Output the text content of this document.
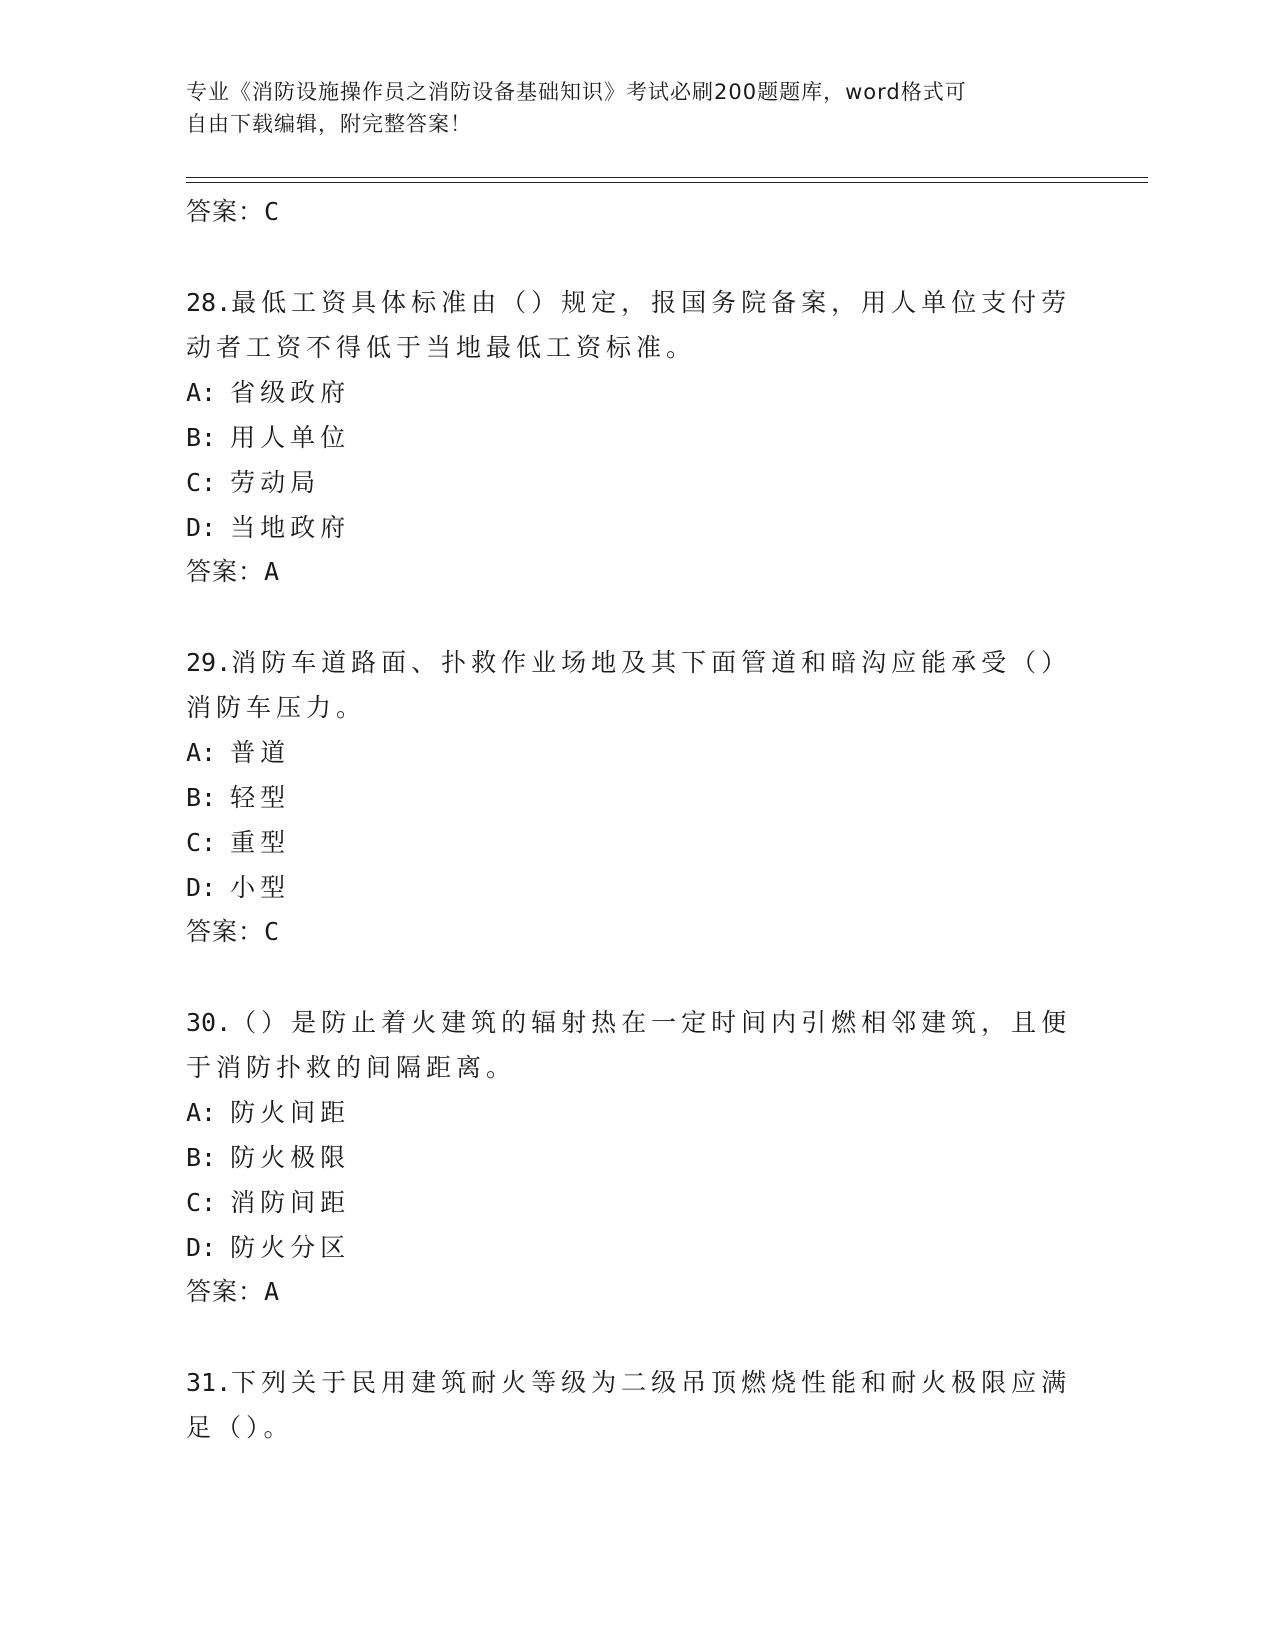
专业《消防设施操作员之消防设备基础知识》考试必刷200题题库，word格式可
自由下载编辑，附完整答案！
答案：C
28.最低工资具体标准由（）规定，报国务院备案，用人单位支付劳动者工资不得低于当地最低工资标准。
A: 省级政府
B: 用人单位
C: 劳动局
D: 当地政府
答案：A
29.消防车道路面、扑救作业场地及其下面管道和暗沟应能承受（）消防车压力。
A: 普道
B: 轻型
C: 重型
D: 小型
答案：C
30.（）是防止着火建筑的辐射热在一定时间内引燃相邻建筑，且便于消防扑救的间隔距离。
A: 防火间距
B: 防火极限
C: 消防间距
D: 防火分区
答案：A
31.下列关于民用建筑耐火等级为二级吊顶燃烧性能和耐火极限应满足（）。
